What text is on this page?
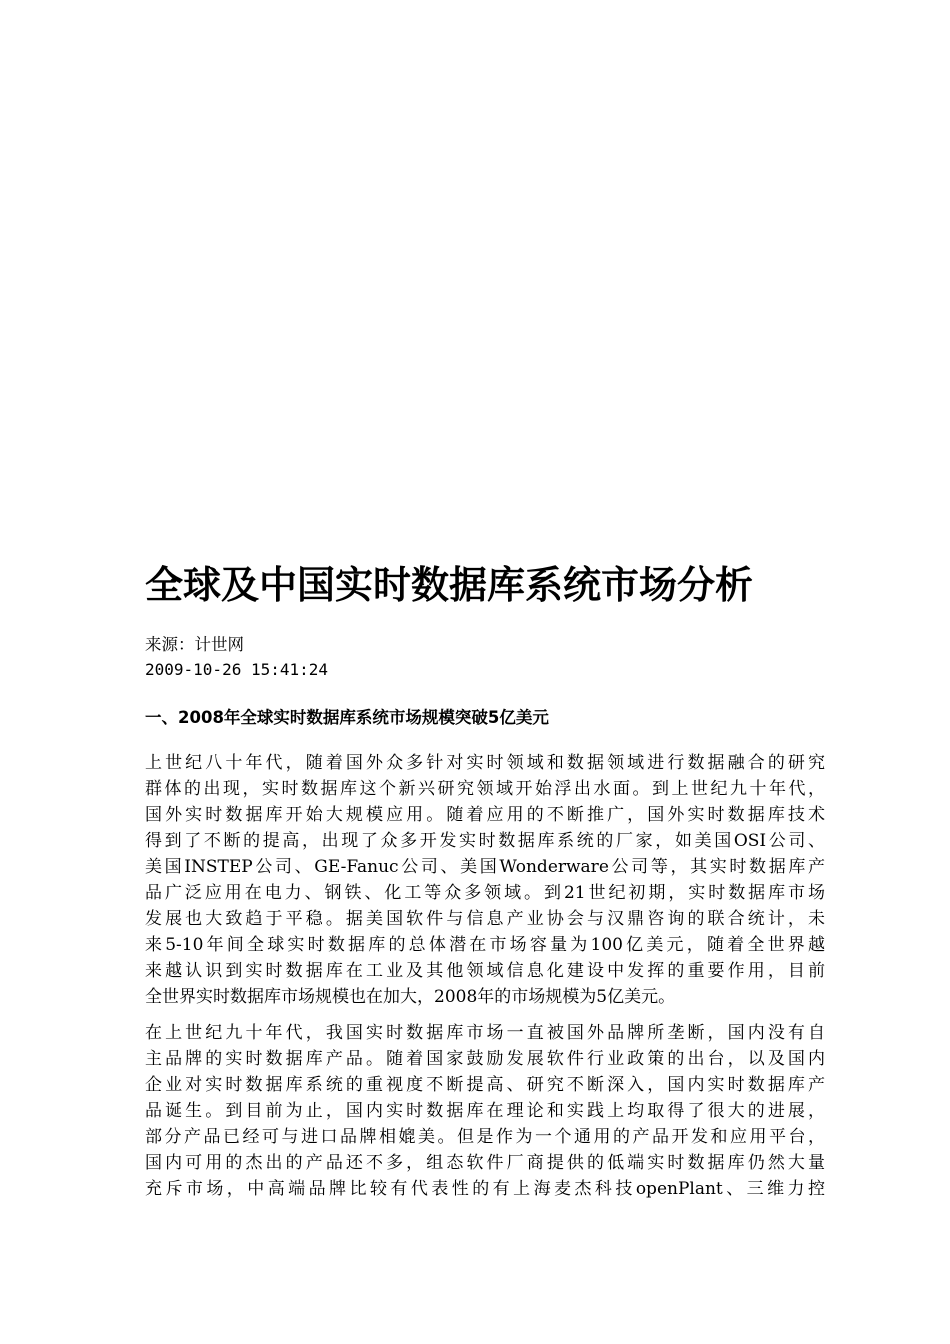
全球及中国实时数据库系统市场分析
来源：计世网
2009-10-26 15:41:24
一、2008年全球实时数据库系统市场规模突破5亿美元
上世纪八十年代，随着国外众多针对实时领域和数据领域进行数据融合的研究
群体的出现，实时数据库这个新兴研究领域开始浮出水面。到上世纪九十年代，
国外实时数据库开始大规模应用。随着应用的不断推广，国外实时数据库技术
得到了不断的提高，出现了众多开发实时数据库系统的厂家，如美国OSI公司、
美国INSTEP公司、GE-Fanuc公司、美国Wonderware公司等，其实时数据库产
品广泛应用在电力、钢铁、化工等众多领域。到21世纪初期，实时数据库市场
发展也大致趋于平稳。据美国软件与信息产业协会与汉鼎咨询的联合统计，未
来5-10年间全球实时数据库的总体潜在市场容量为100亿美元，随着全世界越
来越认识到实时数据库在工业及其他领域信息化建设中发挥的重要作用，目前
全世界实时数据库市场规模也在加大，2008年的市场规模为5亿美元。
在上世纪九十年代，我国实时数据库市场一直被国外品牌所垄断，国内没有自
主品牌的实时数据库产品。随着国家鼓励发展软件行业政策的出台，以及国内
企业对实时数据库系统的重视度不断提高、研究不断深入，国内实时数据库产
品诞生。到目前为止，国内实时数据库在理论和实践上均取得了很大的进展，
部分产品已经可与进口品牌相媲美。但是作为一个通用的产品开发和应用平台，
国内可用的杰出的产品还不多，组态软件厂商提供的低端实时数据库仍然大量
充斥市场，中高端品牌比较有代表性的有上海麦杰科技openPlant、三维力控
